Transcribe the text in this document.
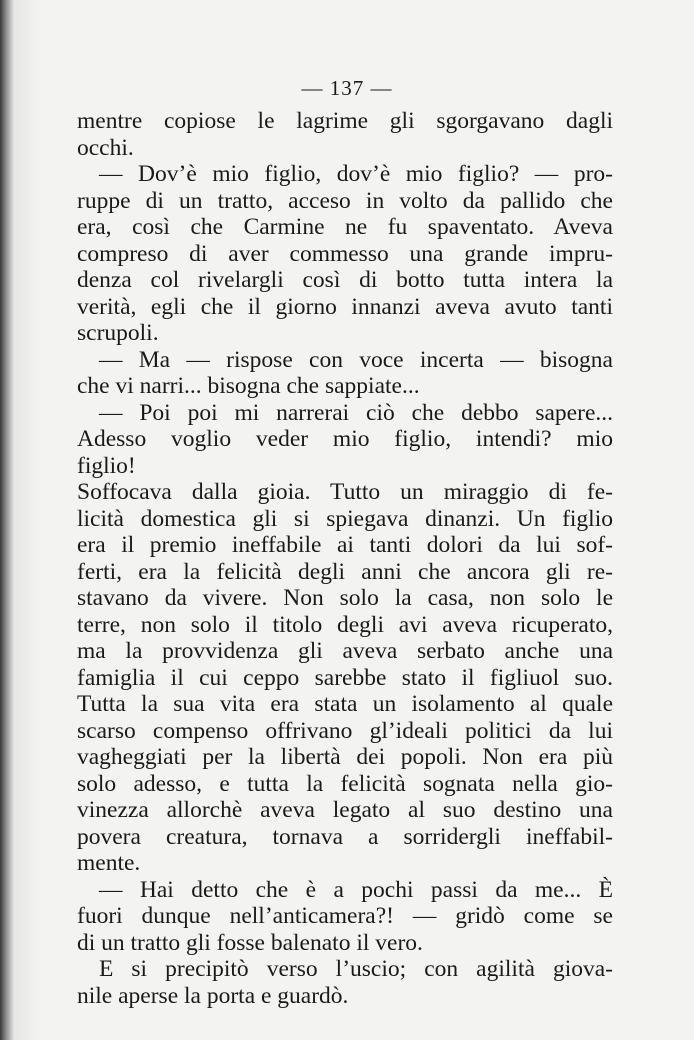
— 137 —
mentre copiose le lagrime gli sgorgavano dagli
occhi.
— Dov’è mio figlio, dov’è mio figlio? — pro-
ruppe di un tratto, acceso in volto da pallido che
era, così che Carmine ne fu spaventato. Aveva
compreso di aver commesso una grande impru-
denza col rivelargli così di botto tutta intera la
verità, egli che il giorno innanzi aveva avuto tanti
scrupoli.
— Ma — rispose con voce incerta — bisogna
che vi narri... bisogna che sappiate...
— Poi poi mi narrerai ciò che debbo sapere...
Adesso voglio veder mio figlio, intendi? mio
figlio!
Soffocava dalla gioia. Tutto un miraggio di fe-
licità domestica gli si spiegava dinanzi. Un figlio
era il premio ineffabile ai tanti dolori da lui sof-
ferti, era la felicità degli anni che ancora gli re-
stavano da vivere. Non solo la casa, non solo le
terre, non solo il titolo degli avi aveva ricuperato,
ma la provvidenza gli aveva serbato anche una
famiglia il cui ceppo sarebbe stato il figliuol suo.
Tutta la sua vita era stata un isolamento al quale
scarso compenso offrivano gl’ideali politici da lui
vagheggiati per la libertà dei popoli. Non era più
solo adesso, e tutta la felicità sognata nella gio-
vinezza allorchè aveva legato al suo destino una
povera creatura, tornava a sorridergli ineffabil-
mente.
— Hai detto che è a pochi passi da me... È
fuori dunque nell’anticamera?! — gridò come se
di un tratto gli fosse balenato il vero.
E si precipitò verso l’uscio; con agilità giova-
nile aperse la porta e guardò.
